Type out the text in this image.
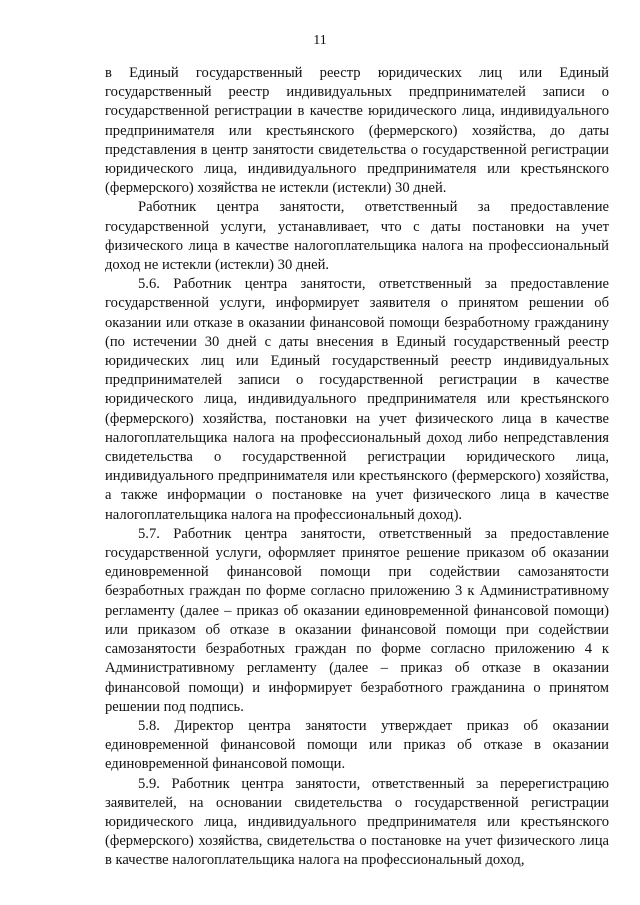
11

в Единый государственный реестр юридических лиц или Единый государственный реестр индивидуальных предпринимателей записи о государственной регистрации в качестве юридического лица, индивидуального предпринимателя или крестьянского (фермерского) хозяйства, до даты представления в центр занятости свидетельства о государственной регистрации юридического лица, индивидуального предпринимателя или крестьянского (фермерского) хозяйства не истекли (истекли) 30 дней.

Работник центра занятости, ответственный за предоставление государственной услуги, устанавливает, что с даты постановки на учет физического лица в качестве налогоплательщика налога на профессиональный доход не истекли (истекли) 30 дней.

5.6. Работник центра занятости, ответственный за предоставление государственной услуги, информирует заявителя о принятом решении об оказании или отказе в оказании финансовой помощи безработному гражданину (по истечении 30 дней с даты внесения в Единый государственный реестр юридических лиц или Единый государственный реестр индивидуальных предпринимателей записи о государственной регистрации в качестве юридического лица, индивидуального предпринимателя или крестьянского (фермерского) хозяйства, постановки на учет физического лица в качестве налогоплательщика налога на профессиональный доход либо непредставления свидетельства о государственной регистрации юридического лица, индивидуального предпринимателя или крестьянского (фермерского) хозяйства, а также информации о постановке на учет физического лица в качестве налогоплательщика налога на профессиональный доход).

5.7. Работник центра занятости, ответственный за предоставление государственной услуги, оформляет принятое решение приказом об оказании единовременной финансовой помощи при содействии самозанятости безработных граждан по форме согласно приложению 3 к Административному регламенту (далее – приказ об оказании единовременной финансовой помощи) или приказом об отказе в оказании финансовой помощи при содействии самозанятости безработных граждан по форме согласно приложению 4 к Административному регламенту (далее – приказ об отказе в оказании финансовой помощи) и информирует безработного гражданина о принятом решении под подпись.

5.8. Директор центра занятости утверждает приказ об оказании единовременной финансовой помощи или приказ об отказе в оказании единовременной финансовой помощи.

5.9. Работник центра занятости, ответственный за перерегистрацию заявителей, на основании свидетельства о государственной регистрации юридического лица, индивидуального предпринимателя или крестьянского (фермерского) хозяйства, свидетельства о постановке на учет физического лица в качестве налогоплательщика налога на профессиональный доход,
